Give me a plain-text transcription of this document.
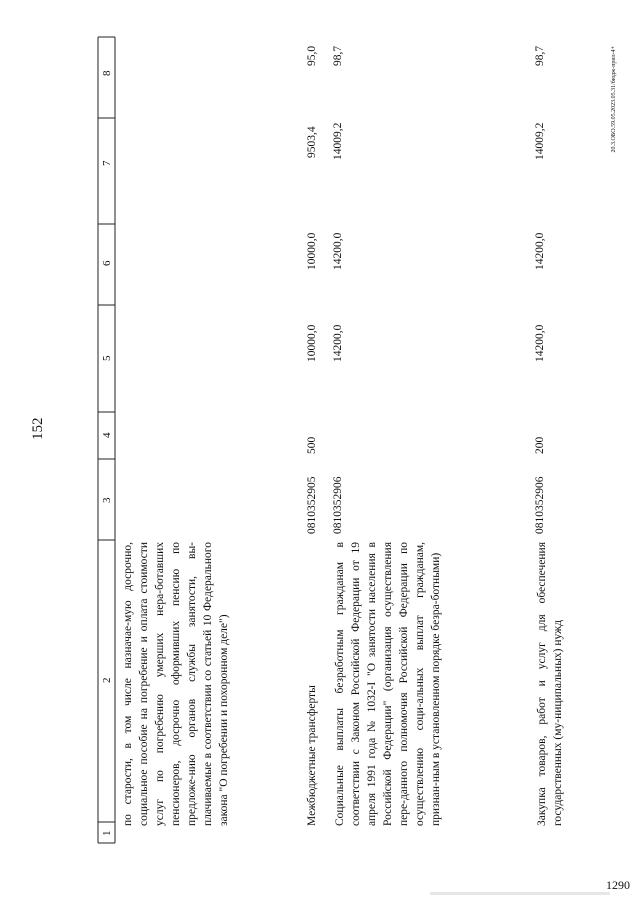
152
20.3.ОБО.59.05.2023.05.31/бюдж-прил-4+
1290
8
7
6
5
4
3
2
1
по старости, в том числе назначае-мую досрочно, социальное пособие на погребение и оплата стоимости услуг по погребению умерших нера-ботавших пенсионеров, досрочно оформивших пенсию по предложе-нию органов службы занятости, вы-плачиваемые в соответствии со статьей 10 Федерального закона "О погребении и похоронном деле")	Межбюджетные трансферты
0810352905
500
10000,0
10000,0
9503,4
95,0
Социальные выплаты безработным гражданам в соответствии с Законом Российской Федерации от 19 апреля 1991 года № 1032-I "О занятости населения в Российской Федерации" (организация осуществления пере-данного полномочия Российской Федерации по осуществлению соци-альных выплат гражданам, признан-ным в установленном порядке безра-ботными)
0810352906
14200,0
14200,0
14009,2
98,7
Закупка товаров, работ и услуг для обеспечения государственных (му-ниципальных) нужд
0810352906
200
14200,0
14200,0
14009,2
98,7
